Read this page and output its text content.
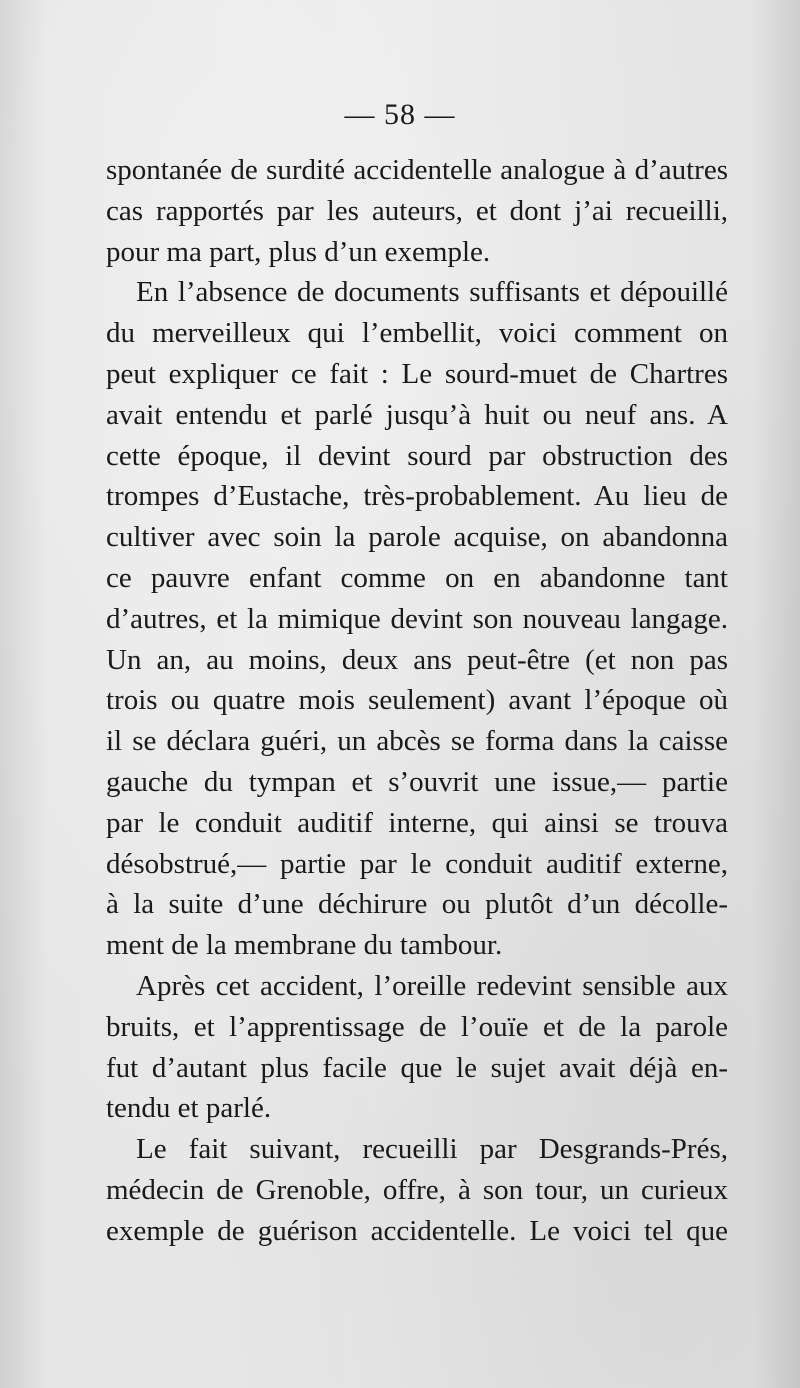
— 58 —
spontanée de surdité accidentelle analogue à d’autres
cas rapportés par les auteurs, et dont j’ai recueilli,
pour ma part, plus d’un exemple.
En l’absence de documents suffisants et dépouillé
du merveilleux qui l’embellit, voici comment on
peut expliquer ce fait : Le sourd-muet de Chartres
avait entendu et parlé jusqu’à huit ou neuf ans. A
cette époque, il devint sourd par obstruction des
trompes d’Eustache, très-probablement. Au lieu de
cultiver avec soin la parole acquise, on abandonna
ce pauvre enfant comme on en abandonne tant
d’autres, et la mimique devint son nouveau langage.
Un an, au moins, deux ans peut-être (et non pas
trois ou quatre mois seulement) avant l’époque où
il se déclara guéri, un abcès se forma dans la caisse
gauche du tympan et s’ouvrit une issue,— partie
par le conduit auditif interne, qui ainsi se trouva
désobstrué,— partie par le conduit auditif externe,
à la suite d’une déchirure ou plutôt d’un décolle-
ment de la membrane du tambour.
Après cet accident, l’oreille redevint sensible aux
bruits, et l’apprentissage de l’ouïe et de la parole
fut d’autant plus facile que le sujet avait déjà en-
tendu et parlé.
Le fait suivant, recueilli par Desgrands-Prés,
médecin de Grenoble, offre, à son tour, un curieux
exemple de guérison accidentelle. Le voici tel que
